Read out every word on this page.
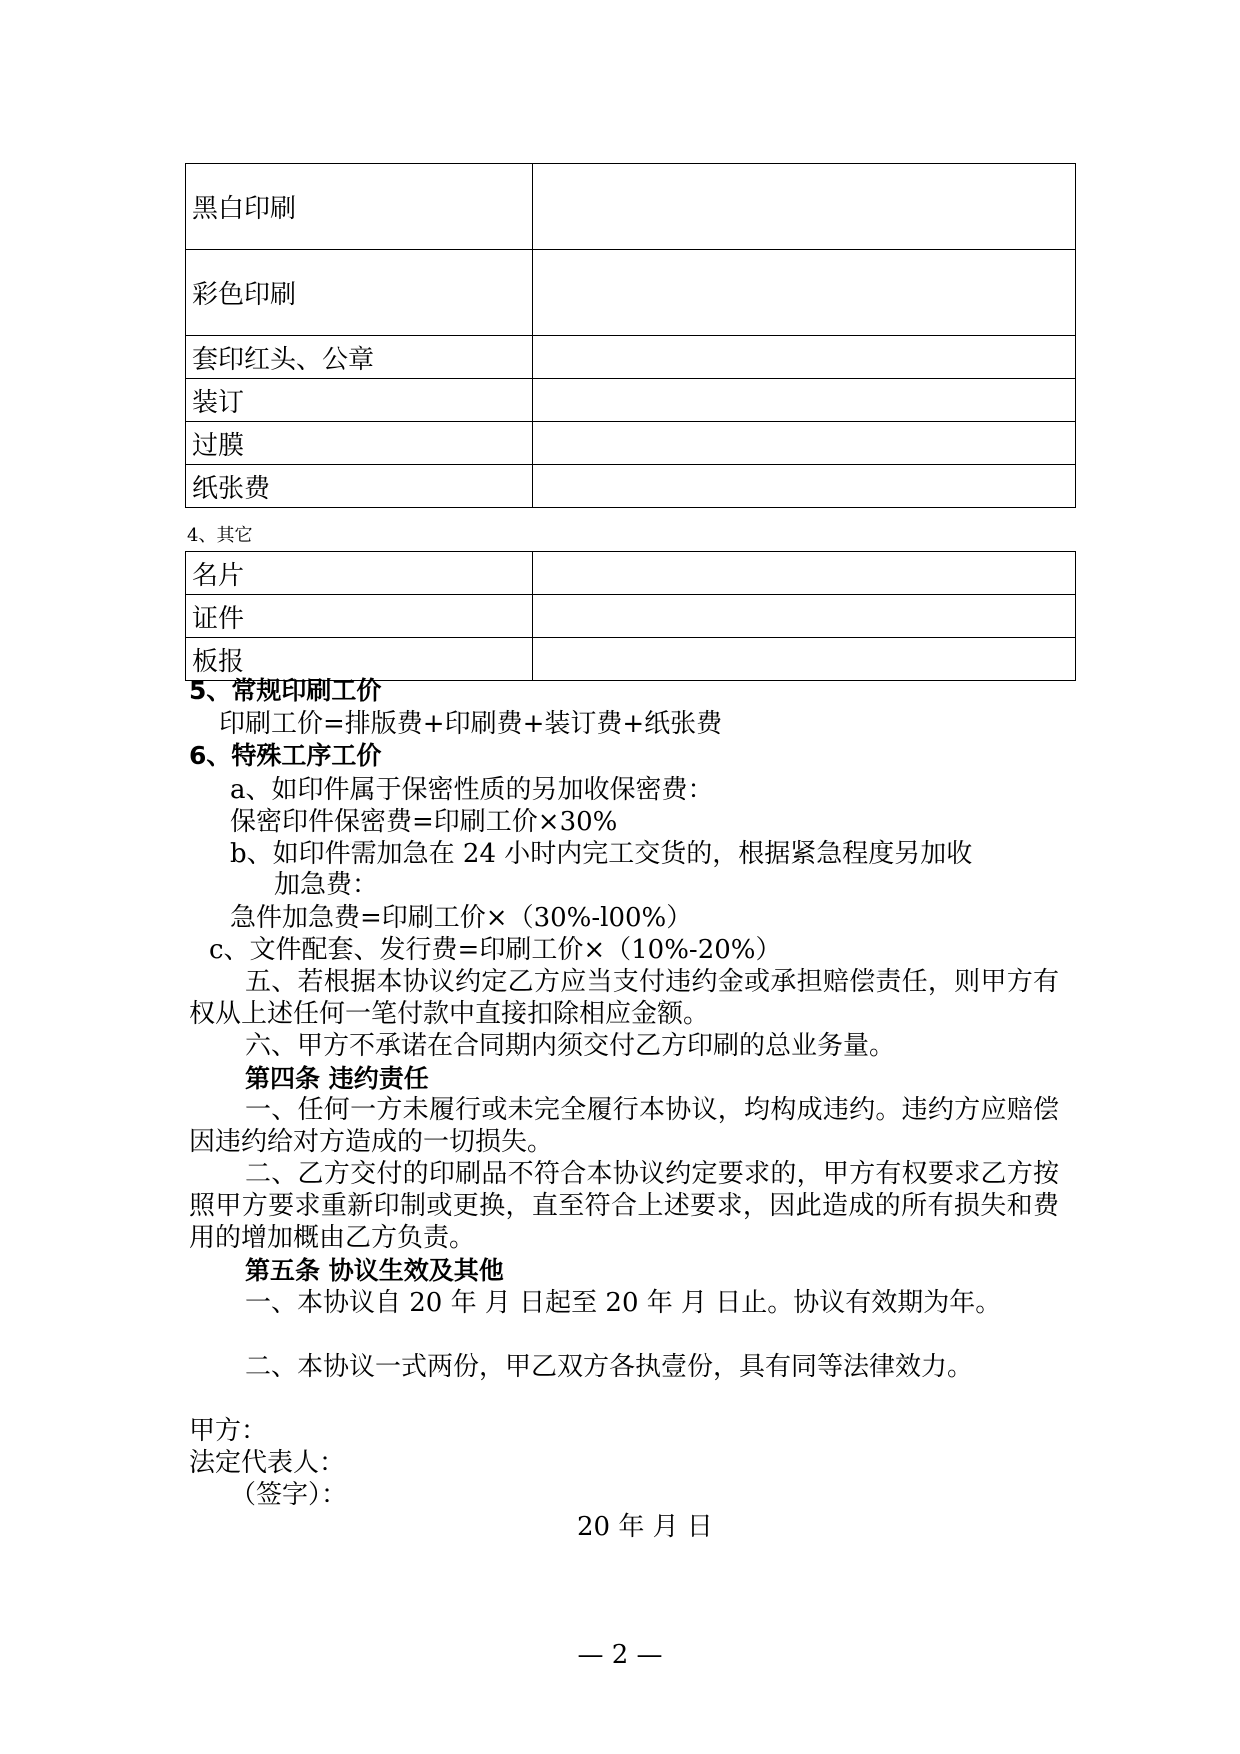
黑白印刷	
彩色印刷	
套印红头、公章	
装订	
过膜	
纸张费	
4、其它
名片	
证件	
板报	
5、常规印刷工价
印刷工价=排版费+印刷费+装订费+纸张费
6、特殊工序工价
a、如印件属于保密性质的另加收保密费：
保密印件保密费=印刷工价×30%
b、如印件需加急在 24 小时内完工交货的，根据紧急程度另加收
加急费：
急件加急费=印刷工价×（30%-l00%）
c、文件配套、发行费=印刷工价×（10%-20%）
五、若根据本协议约定乙方应当支付违约金或承担赔偿责任，则甲方有权从上述任何一笔付款中直接扣除相应金额。
六、甲方不承诺在合同期内须交付乙方印刷的总业务量。
第四条 违约责任
一、任何一方未履行或未完全履行本协议，均构成违约。违约方应赔偿因违约给对方造成的一切损失。
二、乙方交付的印刷品不符合本协议约定要求的，甲方有权要求乙方按照甲方要求重新印制或更换，直至符合上述要求，因此造成的所有损失和费用的增加概由乙方负责。
第五条 协议生效及其他
一、本协议自 20 年 月 日起至 20 年 月 日止。协议有效期为年。
二、本协议一式两份，甲乙双方各执壹份，具有同等法律效力。
甲方：
法定代表人：
（签字）：
20 年 月 日
— 2 —
